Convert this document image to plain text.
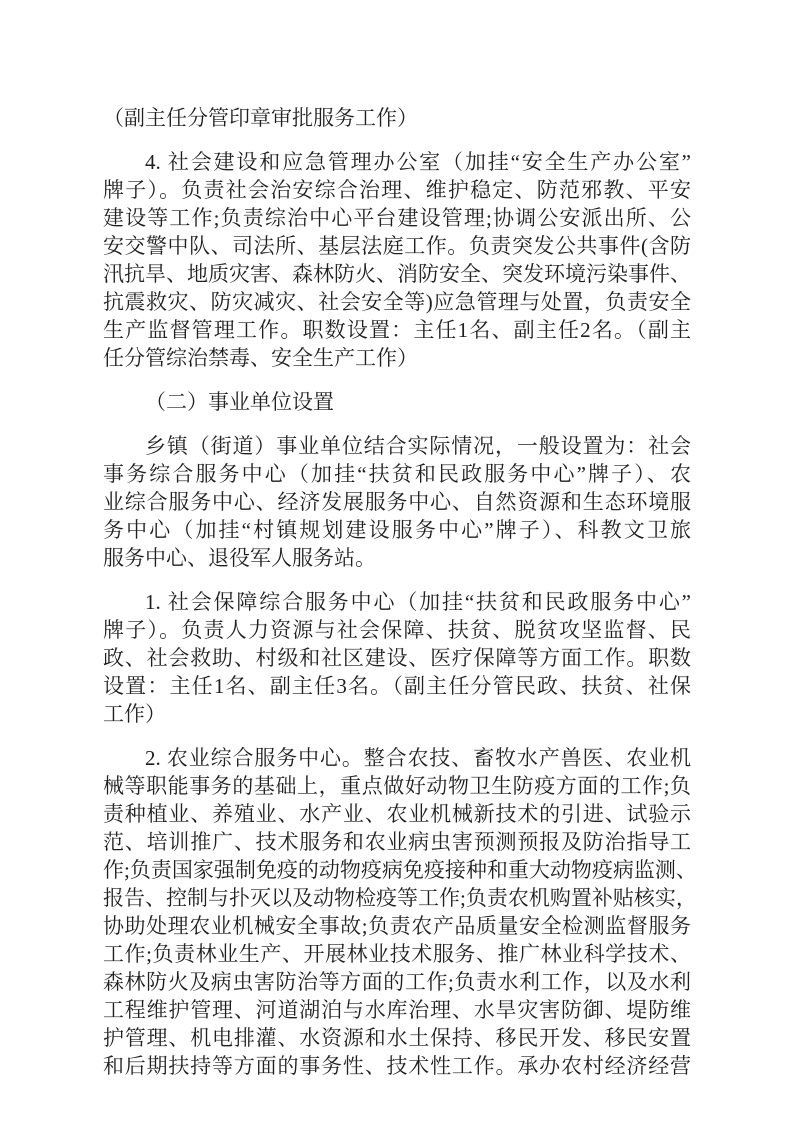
（副主任分管印章审批服务工作）
4. 社会建设和应急管理办公室（加挂“安全生产办公室”
牌子）。负责社会治安综合治理、维护稳定、防范邪教、平安
建设等工作;负责综治中心平台建设管理;协调公安派出所、公
安交警中队、司法所、基层法庭工作。负责突发公共事件(含防
汛抗旱、地质灾害、森林防火、消防安全、突发环境污染事件、
抗震救灾、防灾减灾、社会安全等)应急管理与处置，负责安全
生产监督管理工作。职数设置：主任1名、副主任2名。（副主
任分管综治禁毒、安全生产工作）
（二）事业单位设置
乡镇（街道）事业单位结合实际情况，一般设置为：社会
事务综合服务中心（加挂“扶贫和民政服务中心”牌子）、农
业综合服务中心、经济发展服务中心、自然资源和生态环境服
务中心（加挂“村镇规划建设服务中心”牌子）、科教文卫旅
服务中心、退役军人服务站。
1. 社会保障综合服务中心（加挂“扶贫和民政服务中心”
牌子）。负责人力资源与社会保障、扶贫、脱贫攻坚监督、民
政、社会救助、村级和社区建设、医疗保障等方面工作。职数
设置：主任1名、副主任3名。（副主任分管民政、扶贫、社保
工作）
2. 农业综合服务中心。整合农技、畜牧水产兽医、农业机
械等职能事务的基础上，重点做好动物卫生防疫方面的工作;负
责种植业、养殖业、水产业、农业机械新技术的引进、试验示
范、培训推广、技术服务和农业病虫害预测预报及防治指导工
作;负责国家强制免疫的动物疫病免疫接种和重大动物疫病监测、
报告、控制与扑灭以及动物检疫等工作;负责农机购置补贴核实，
协助处理农业机械安全事故;负责农产品质量安全检测监督服务
工作;负责林业生产、开展林业技术服务、推广林业科学技术、
森林防火及病虫害防治等方面的工作;负责水利工作，以及水利
工程维护管理、河道湖泊与水库治理、水旱灾害防御、堤防维
护管理、机电排灌、水资源和水土保持、移民开发、移民安置
和后期扶持等方面的事务性、技术性工作。承办农村经济经营
